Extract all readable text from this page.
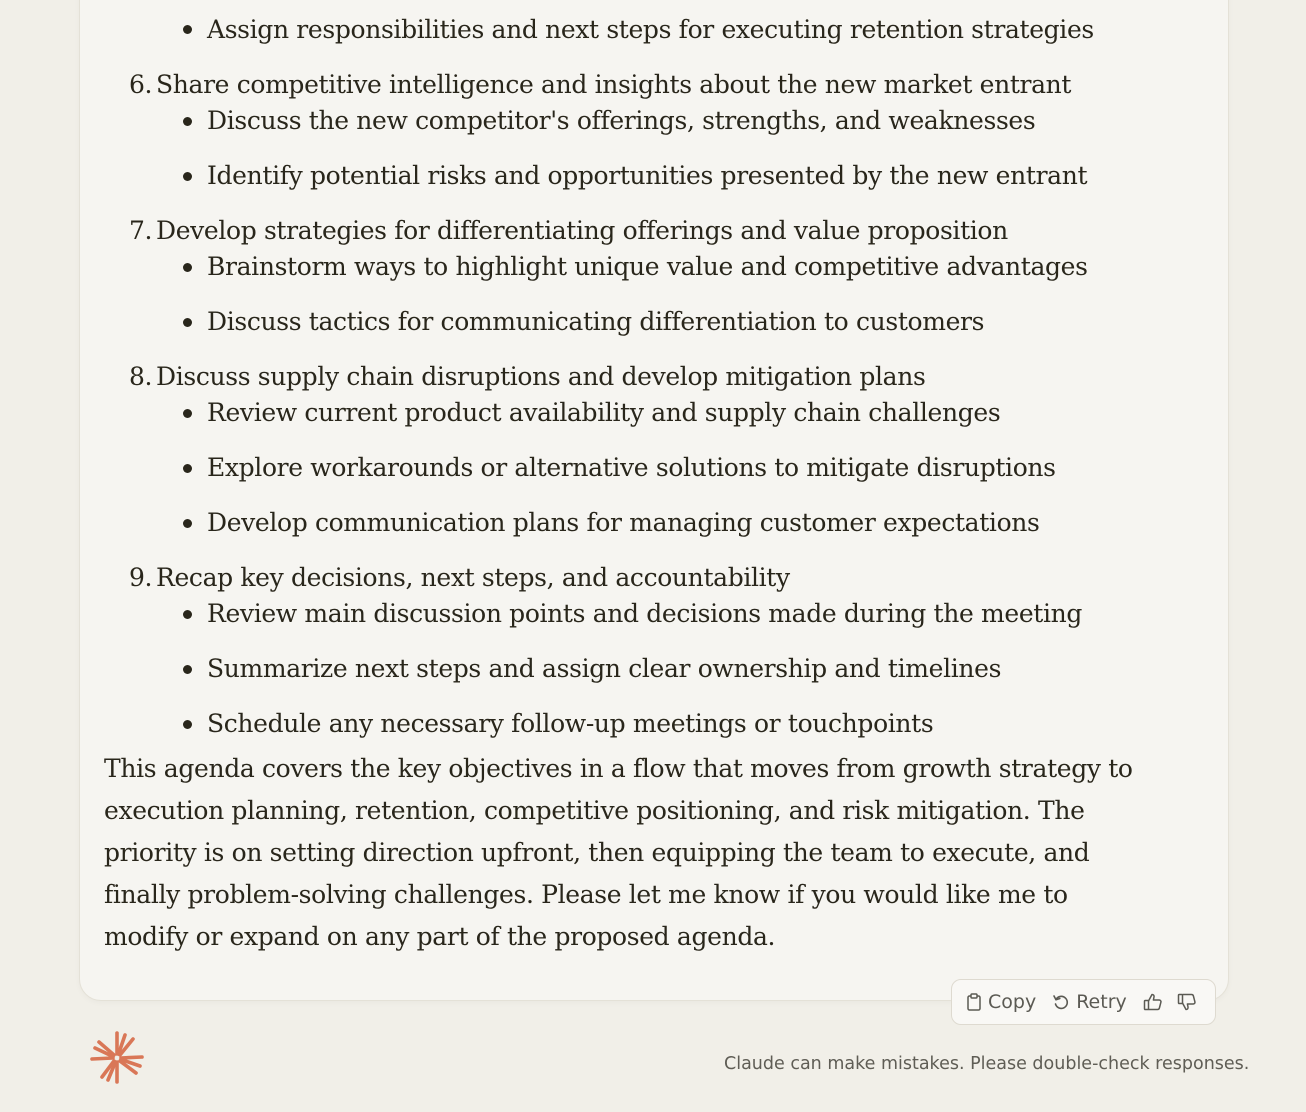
Assign responsibilities and next steps for executing retention strategies
6. Share competitive intelligence and insights about the new market entrant
Discuss the new competitor's offerings, strengths, and weaknesses
Identify potential risks and opportunities presented by the new entrant
7. Develop strategies for differentiating offerings and value proposition
Brainstorm ways to highlight unique value and competitive advantages
Discuss tactics for communicating differentiation to customers
8. Discuss supply chain disruptions and develop mitigation plans
Review current product availability and supply chain challenges
Explore workarounds or alternative solutions to mitigate disruptions
Develop communication plans for managing customer expectations
9. Recap key decisions, next steps, and accountability
Review main discussion points and decisions made during the meeting
Summarize next steps and assign clear ownership and timelines
Schedule any necessary follow-up meetings or touchpoints

This agenda covers the key objectives in a flow that moves from growth strategy to execution planning, retention, competitive positioning, and risk mitigation. The priority is on setting direction upfront, then equipping the team to execute, and finally problem-solving challenges. Please let me know if you would like me to modify or expand on any part of the proposed agenda.

Copy Retry
Claude can make mistakes. Please double-check responses.
